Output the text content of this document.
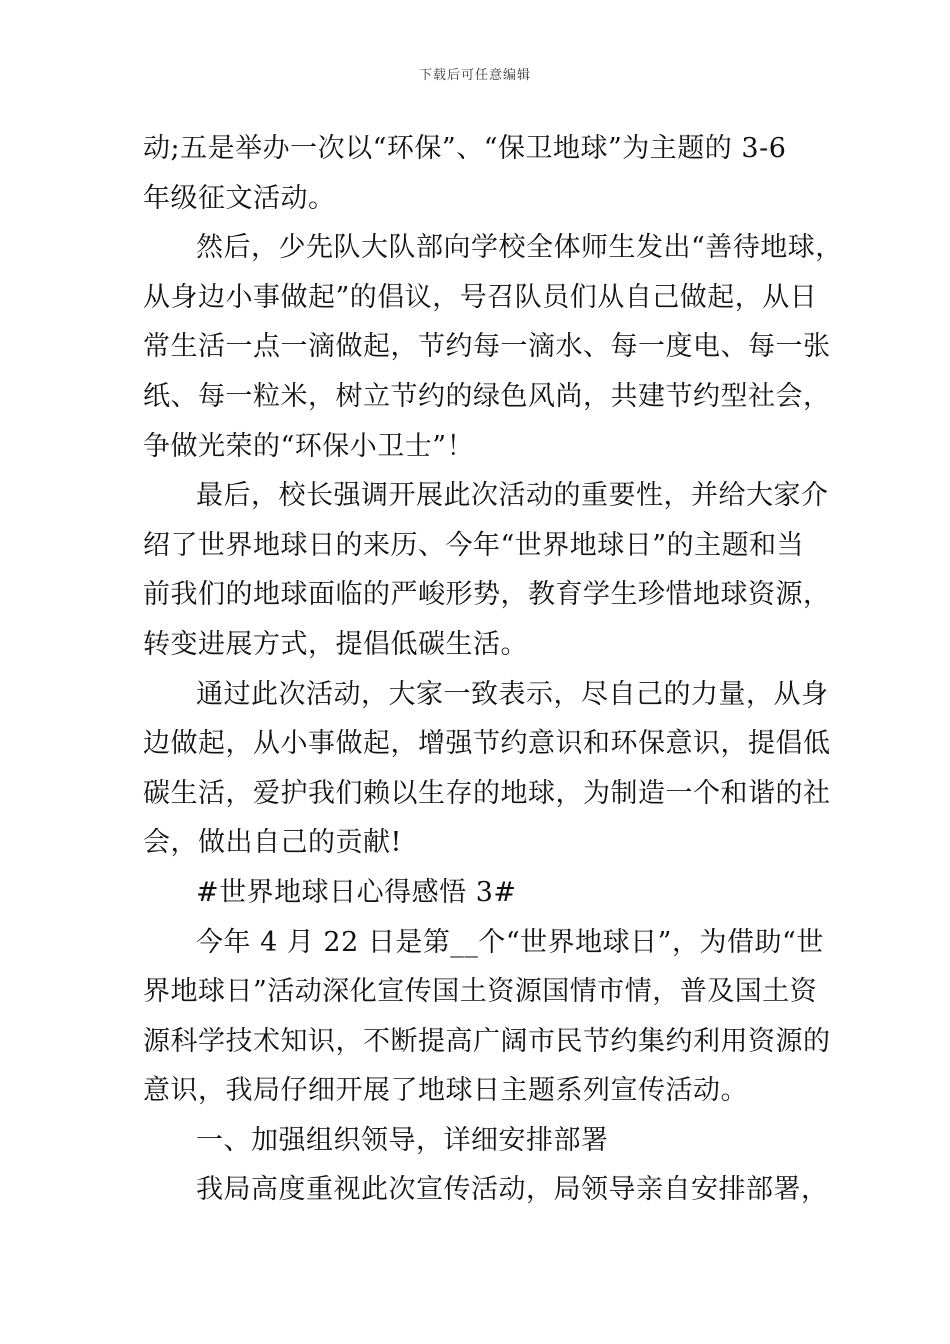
下载后可任意编辑
动;五是举办一次以“环保”、“保卫地球”为主题的 3-6
年级征文活动。
然后，少先队大队部向学校全体师生发出“善待地球，
从身边小事做起”的倡议，号召队员们从自己做起，从日
常生活一点一滴做起，节约每一滴水、每一度电、每一张
纸、每一粒米，树立节约的绿色风尚，共建节约型社会，
争做光荣的“环保小卫士”！
最后，校长强调开展此次活动的重要性，并给大家介
绍了世界地球日的来历、今年“世界地球日”的主题和当
前我们的地球面临的严峻形势，教育学生珍惜地球资源，
转变进展方式，提倡低碳生活。
通过此次活动，大家一致表示，尽自己的力量，从身
边做起，从小事做起，增强节约意识和环保意识，提倡低
碳生活，爱护我们赖以生存的地球，为制造一个和谐的社
会，做出自己的贡献!
#世界地球日心得感悟 3#
今年 4 月 22 日是第__个“世界地球日”，为借助“世
界地球日”活动深化宣传国土资源国情市情，普及国土资
源科学技术知识，不断提高广阔市民节约集约利用资源的
意识，我局仔细开展了地球日主题系列宣传活动。
一、加强组织领导，详细安排部署
我局高度重视此次宣传活动，局领导亲自安排部署，
